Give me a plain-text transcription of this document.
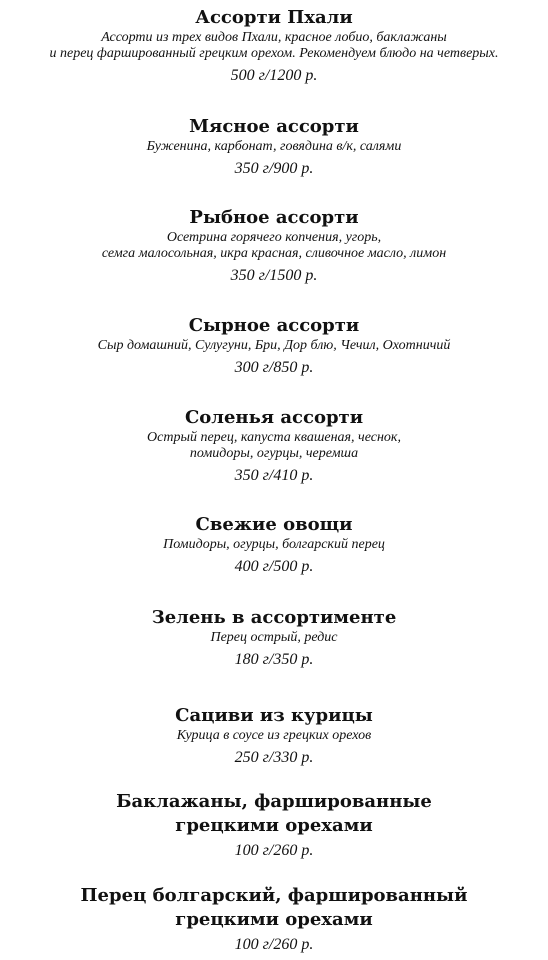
Ассорти Пхали
Ассорти из трех видов Пхали, красное лобио, баклажаны
и перец фаршированный грецким орехом. Рекомендуем блюдо на четверых.
500 г/1200 р.
Мясное ассорти
Буженина, карбонат, говядина в/к, салями
350 г/900 р.
Рыбное ассорти
Осетрина горячего копчения, угорь,
семга малосольная, икра красная, сливочное масло, лимон
350 г/1500 р.
Сырное ассорти
Сыр домашний, Сулугуни, Бри, Дор блю, Чечил, Охотничий
300 г/850 р.
Соленья ассорти
Острый перец, капуста квашеная, чеснок,
помидоры, огурцы, черемша
350 г/410 р.
Свежие овощи
Помидоры, огурцы, болгарский перец
400 г/500 р.
Зелень в ассортименте
Перец острый, редис
180 г/350 р.
Сациви из курицы
Курица в соусе из грецких орехов
250 г/330 р.
Баклажаны, фаршированные
грецкими орехами
100 г/260 р.
Перец болгарский, фаршированный
грецкими орехами
100 г/260 р.
